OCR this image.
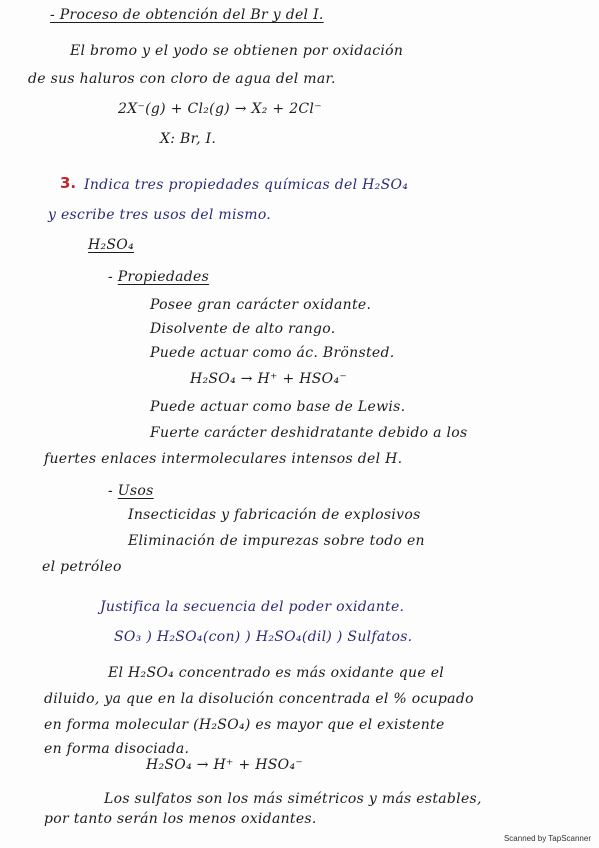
- Proceso de obtención del Br y del I.
El bromo y el yodo se obtienen por oxidación
de sus haluros con cloro de agua del mar.
2X⁻(g) + Cl₂(g) → X₂ + 2Cl⁻
X: Br, I.
3. Indica tres propiedades químicas del H₂SO₄
y escribe tres usos del mismo.
H₂SO₄
- Propiedades
Posee gran carácter oxidante.
Disolvente de alto rango.
Puede actuar como ác. Brönsted.
H₂SO₄ → H⁺ + HSO₄⁻
Puede actuar como base de Lewis.
Fuerte carácter deshidratante debido a los
fuertes enlaces intermoleculares intensos del H.
- Usos
Insecticidas y fabricación de explosivos
Eliminación de impurezas sobre todo en
el petróleo
Justifica la secuencia del poder oxidante.
SO₃ ) H₂SO₄(con) ) H₂SO₄(dil) ) Sulfatos.
El H₂SO₄ concentrado es más oxidante que el
diluido, ya que en la disolución concentrada el % ocupado
en forma molecular (H₂SO₄) es mayor que el existente
en forma disociada.
H₂SO₄ → H⁺ + HSO₄⁻
Los sulfatos son los más simétricos y más estables,
por tanto serán los menos oxidantes.
Scanned by TapScanner
